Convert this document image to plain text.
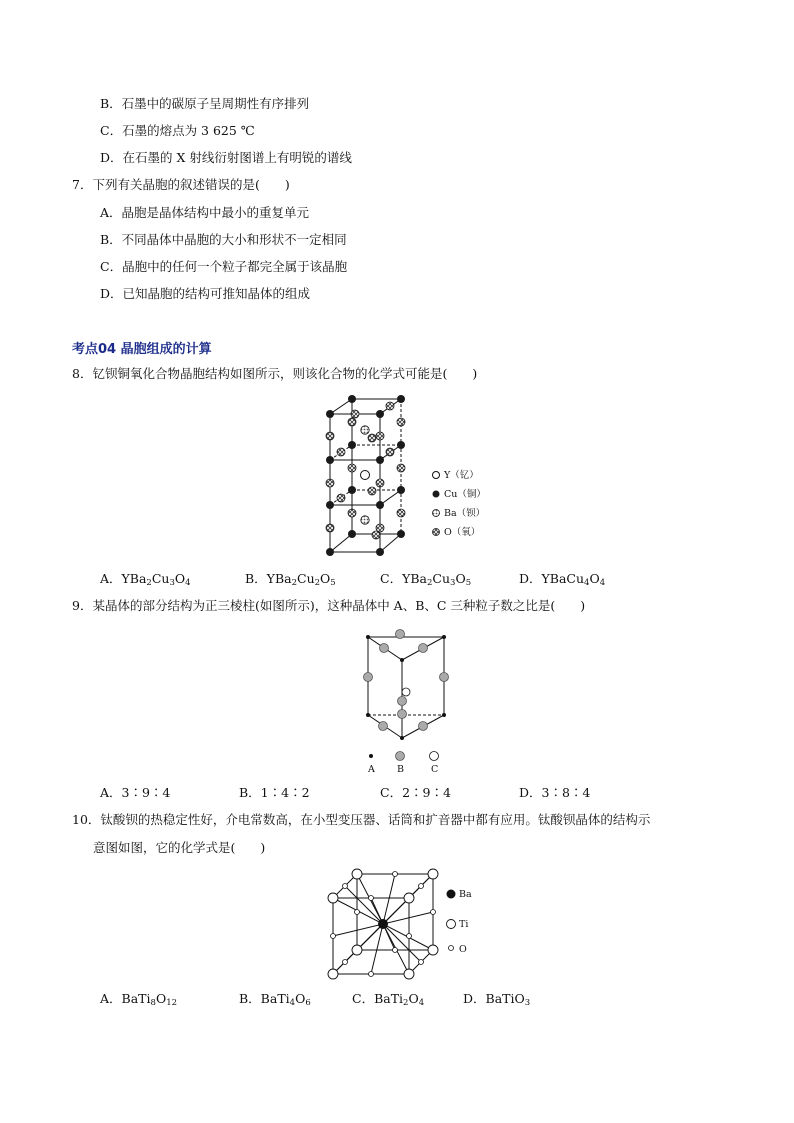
B．石墨中的碳原子呈周期性有序排列
C．石墨的熔点为 3 625 ℃
D．在石墨的 X 射线衍射图谱上有明锐的谱线
7．下列有关晶胞的叙述错误的是(　　)
A．晶胞是晶体结构中最小的重复单元
B．不同晶体中晶胞的大小和形状不一定相同
C．晶胞中的任何一个粒子都完全属于该晶胞
D．已知晶胞的结构可推知晶体的组成
考点04 晶胞组成的计算
8．钇钡铜氧化合物晶胞结构如图所示，则该化合物的化学式可能是(　　)
Y（钇）
Cu（铜）
Ba（钡）
O（氧）
A．$YBa_2Cu_3O_4$	B．$YBa_2Cu_2O_5$	C．$YBa_2Cu_3O_5$	D．$YBaCu_4O_4$
9．某晶体的部分结构为正三棱柱(如图所示)，这种晶体中 A、B、C 三种粒子数之比是(　　)
A B	C
A．3∶9∶4	B．1∶4∶2	C．2∶9∶4	D．3∶8∶4
10．钛酸钡的热稳定性好，介电常数高，在小型变压器、话筒和扩音器中都有应用。钛酸钡晶体的结构示
意图如图，它的化学式是(　　)
Ba
Ti
O
A．$BaTi_8O_{12}$	B．$BaTi_4O_6$	C．$BaTi_2O_4$	D．BaTiO$_3$
